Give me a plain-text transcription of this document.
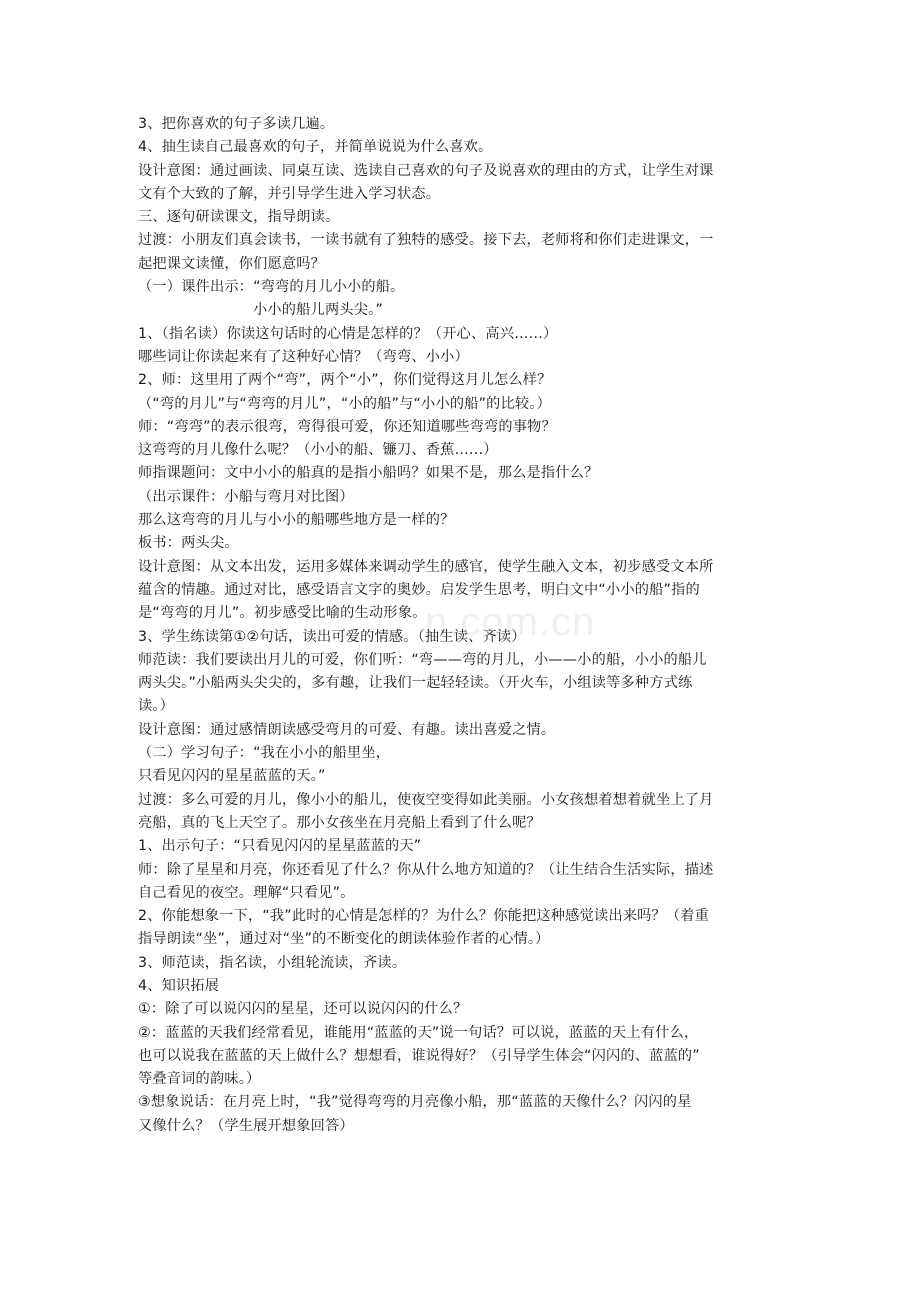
3、把你喜欢的句子多读几遍。
4、抽生读自己最喜欢的句子，并简单说说为什么喜欢。
设计意图：通过画读、同桌互读、选读自己喜欢的句子及说喜欢的理由的方式，让学生对课
文有个大致的了解，并引导学生进入学习状态。
三、逐句研读课文，指导朗读。
过渡：小朋友们真会读书，一读书就有了独特的感受。接下去，老师将和你们走进课文，一
起把课文读懂，你们愿意吗？
（一）课件出示：“弯弯的月儿小小的船。
小小的船儿两头尖。”
1、（指名读）你读这句话时的心情是怎样的？（开心、高兴……）
哪些词让你读起来有了这种好心情？（弯弯、小小）
2、师：这里用了两个“弯”，两个“小”，你们觉得这月儿怎么样？
（“弯的月儿”与“弯弯的月儿”，“小的船”与“小小的船”的比较。）
师：“弯弯”的表示很弯，弯得很可爱，你还知道哪些弯弯的事物？
这弯弯的月儿像什么呢？（小小的船、镰刀、香蕉……）
师指课题问：文中小小的船真的是指小船吗？如果不是，那么是指什么？
（出示课件：小船与弯月对比图）
那么这弯弯的月儿与小小的船哪些地方是一样的？
板书：两头尖。
设计意图：从文本出发，运用多媒体来调动学生的感官，使学生融入文本，初步感受文本所
蕴含的情趣。通过对比，感受语言文字的奥妙。启发学生思考，明白文中“小小的船”指的
是“弯弯的月儿”。初步感受比喻的生动形象。
3、学生练读第①②句话，读出可爱的情感。（抽生读、齐读）
师范读：我们要读出月儿的可爱，你们听：“弯——弯的月儿，小——小的船，小小的船儿
两头尖。”小船两头尖尖的，多有趣，让我们一起轻轻读。（开火车，小组读等多种方式练
读。）
设计意图：通过感情朗读感受弯月的可爱、有趣。读出喜爱之情。
（二）学习句子：“我在小小的船里坐，
只看见闪闪的星星蓝蓝的天。”
过渡：多么可爱的月儿，像小小的船儿，使夜空变得如此美丽。小女孩想着想着就坐上了月
亮船，真的飞上天空了。那小女孩坐在月亮船上看到了什么呢？
1、出示句子：“只看见闪闪的星星蓝蓝的天”
师：除了星星和月亮，你还看见了什么？你从什么地方知道的？（让生结合生活实际，描述
自己看见的夜空。理解“只看见”。
2、你能想象一下，“我”此时的心情是怎样的？为什么？你能把这种感觉读出来吗？（着重
指导朗读“坐”，通过对“坐”的不断变化的朗读体验作者的心情。）
3、师范读，指名读，小组轮流读，齐读。
4、知识拓展
①：除了可以说闪闪的星星，还可以说闪闪的什么？
②：蓝蓝的天我们经常看见，谁能用“蓝蓝的天”说一句话？可以说，蓝蓝的天上有什么，
也可以说我在蓝蓝的天上做什么？想想看，谁说得好？（引导学生体会“闪闪的、蓝蓝的”
等叠音词的韵味。）
③想象说话：在月亮上时，“我”觉得弯弯的月亮像小船，那“蓝蓝的天像什么？闪闪的星
又像什么？（学生展开想象回答）
n.com.cn
